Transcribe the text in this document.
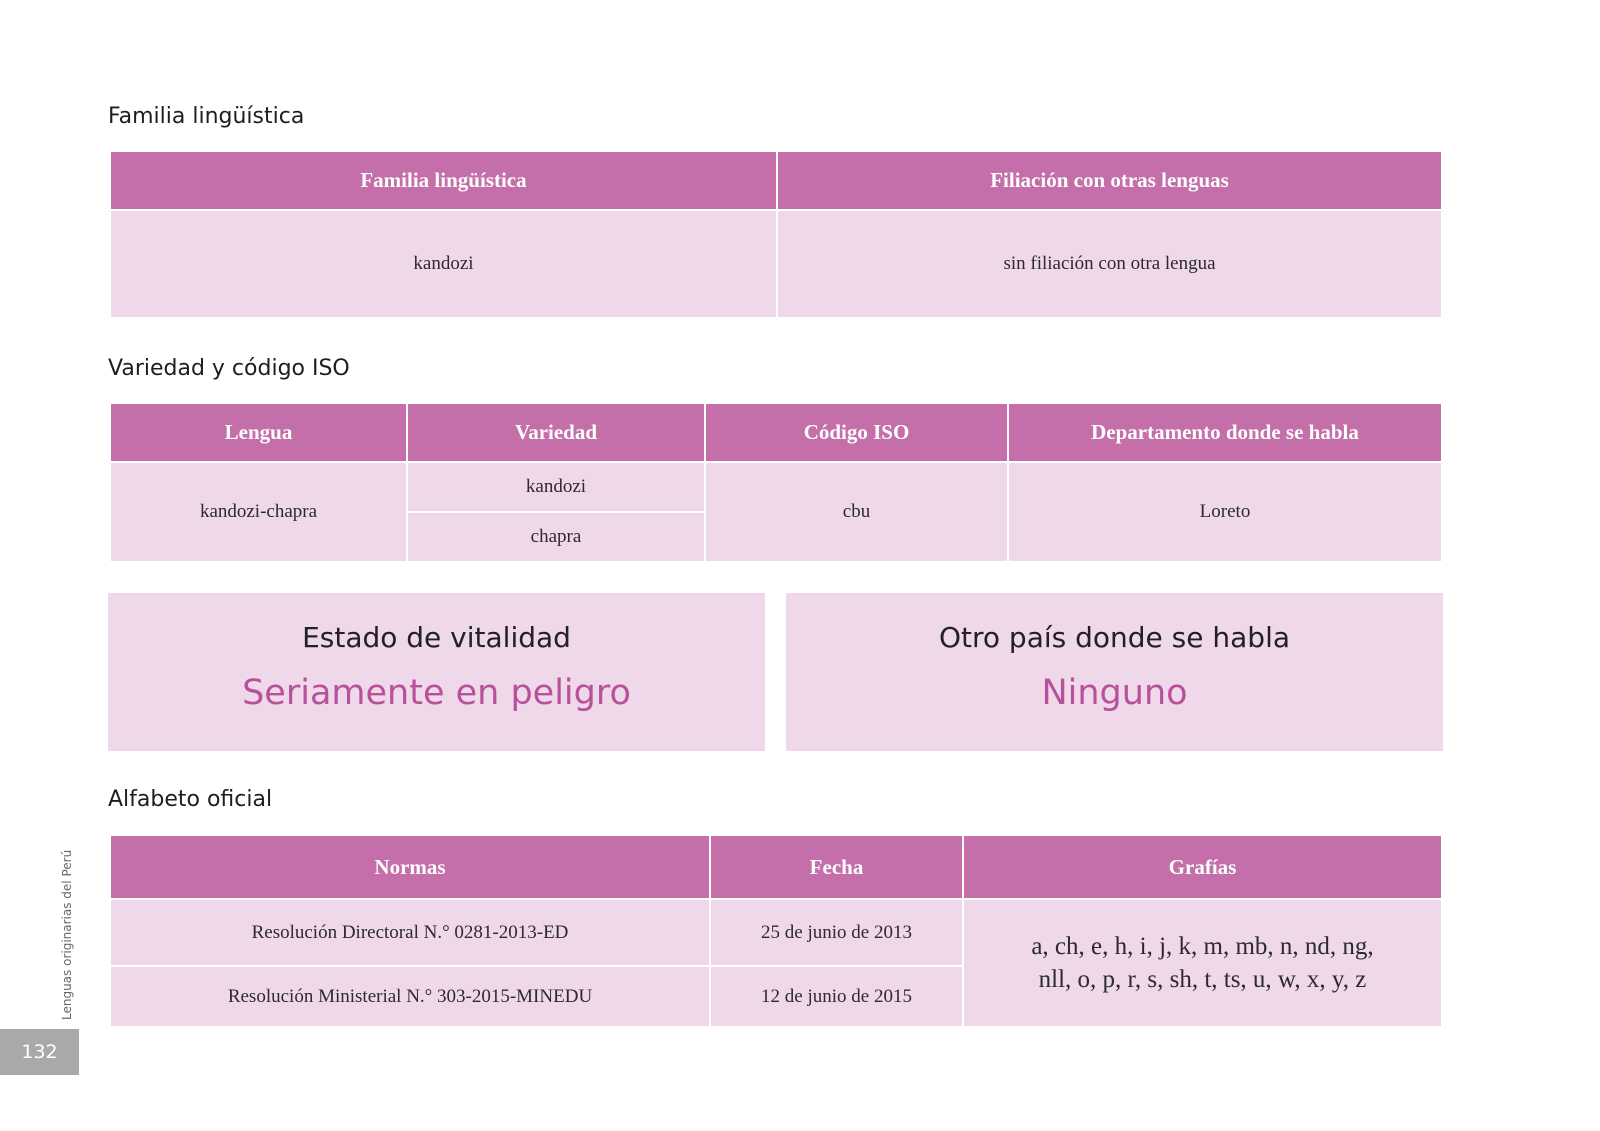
Familia lingüística
Familia lingüística	Filiación con otras lenguas
kandozi	sin filiación con otra lengua
Variedad y código ISO
Lengua	Variedad	Código ISO	Departamento donde se habla
kandozi-chapra	kandozi	cbu	Loreto
	chapra		
Estado de vitalidad
Seriamente en peligro
Otro país donde se habla
Ninguno
Alfabeto oficial
Normas	Fecha	Grafías
Resolución Directoral N.° 0281-2013-ED	25 de junio de 2013	a, ch, e, h, i, j, k, m, mb, n, nd, ng,
nll, o, p, r, s, sh, t, ts, u, w, x, y, z

Resolución Ministerial N.° 303-2015-MINEDU	12 de junio de 2015	
Lenguas originarias del Perú
132
